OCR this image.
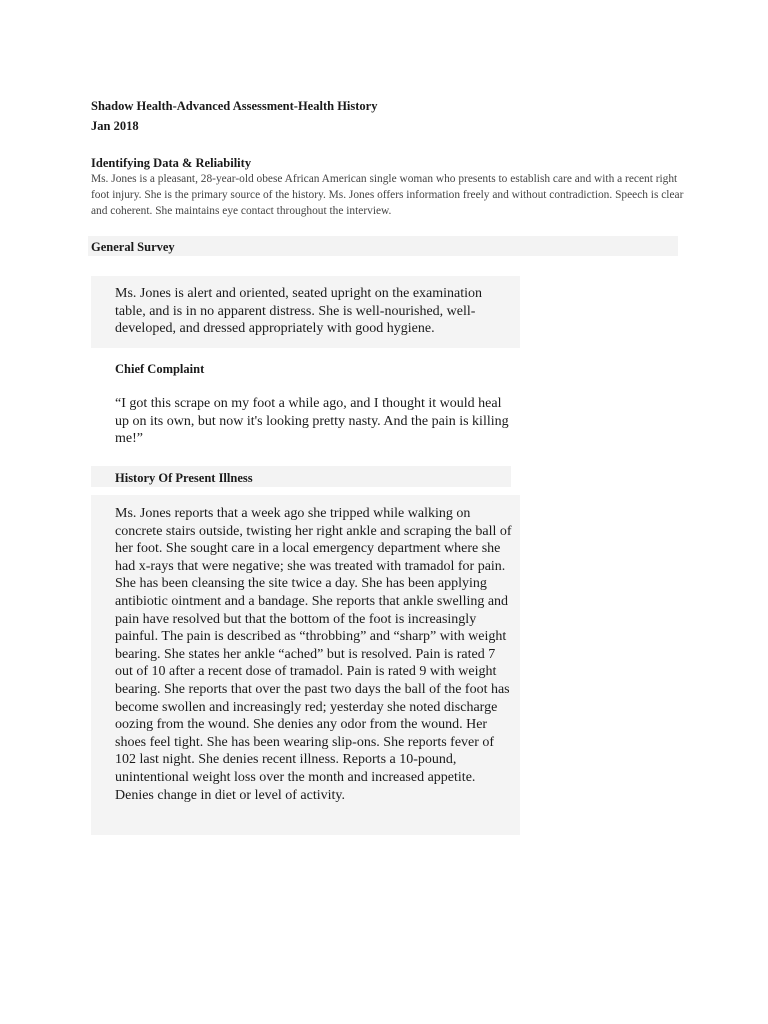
Shadow Health-Advanced Assessment-Health History
Jan 2018
Identifying Data & Reliability
Ms. Jones is a pleasant, 28-year-old obese African American single woman who presents to establish care and with a recent right foot injury. She is the primary source of the history. Ms. Jones offers information freely and without contradiction. Speech is clear and coherent. She maintains eye contact throughout the interview.
General Survey
Ms. Jones is alert and oriented, seated upright on the examination table, and is in no apparent distress. She is well-nourished, well-developed, and dressed appropriately with good hygiene.
Chief Complaint
“I got this scrape on my foot a while ago, and I thought it would heal up on its own, but now it's looking pretty nasty. And the pain is killing me!”
History Of Present Illness
Ms. Jones reports that a week ago she tripped while walking on concrete stairs outside, twisting her right ankle and scraping the ball of her foot. She sought care in a local emergency department where she had x-rays that were negative; she was treated with tramadol for pain. She has been cleansing the site twice a day. She has been applying antibiotic ointment and a bandage. She reports that ankle swelling and pain have resolved but that the bottom of the foot is increasingly painful. The pain is described as “throbbing” and “sharp” with weight bearing. She states her ankle “ached” but is resolved. Pain is rated 7 out of 10 after a recent dose of tramadol. Pain is rated 9 with weight bearing. She reports that over the past two days the ball of the foot has become swollen and increasingly red; yesterday she noted discharge oozing from the wound. She denies any odor from the wound. Her shoes feel tight. She has been wearing slip-ons. She reports fever of 102 last night. She denies recent illness. Reports a 10-pound, unintentional weight loss over the month and increased appetite. Denies change in diet or level of activity.
